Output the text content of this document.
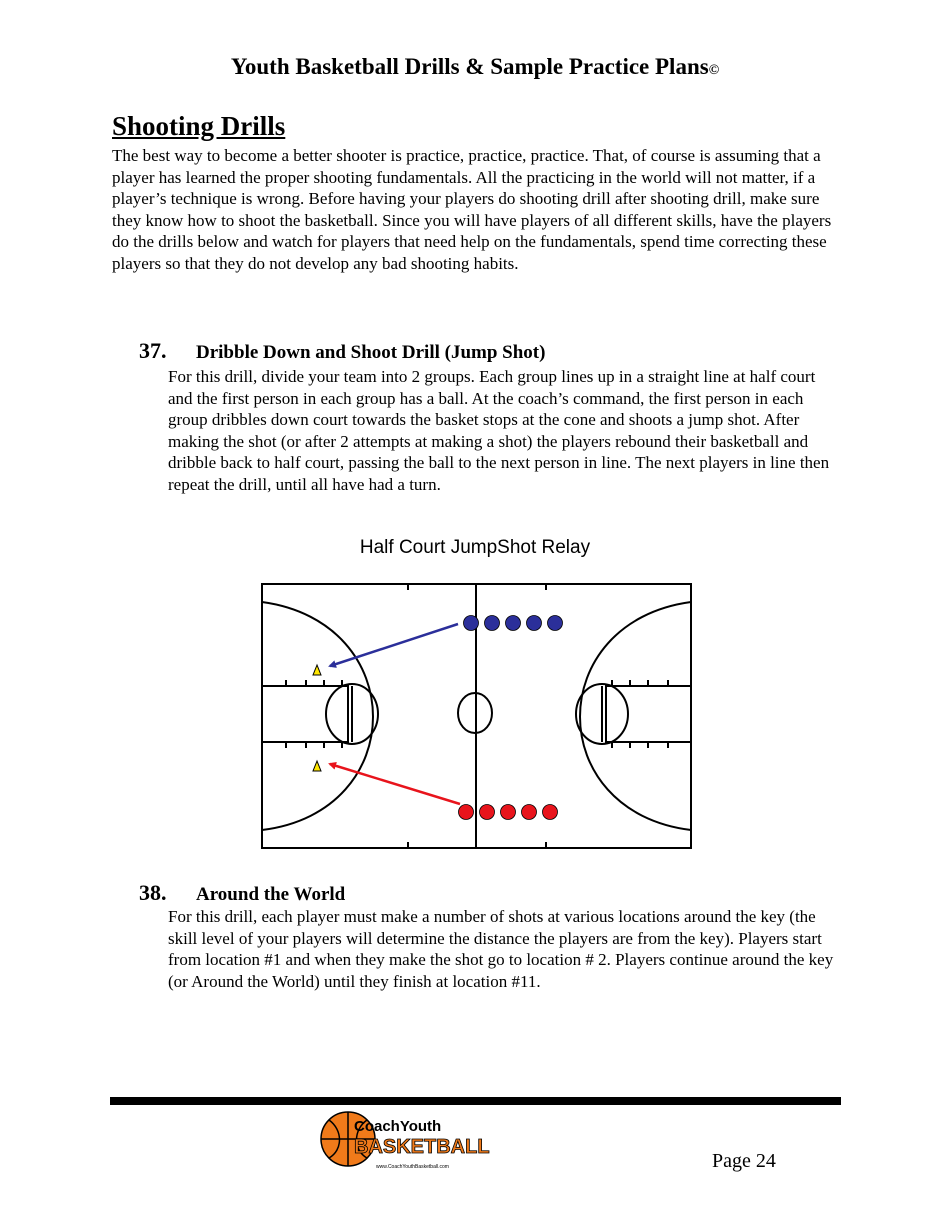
Youth Basketball Drills & Sample Practice Plans©
Shooting Drills

The best way to become a better shooter is practice, practice, practice. That, of course is assuming that a player has learned the proper shooting fundamentals. All the practicing in the world will not matter, if a player’s technique is wrong. Before having your players do shooting drill after shooting drill, make sure they know how to shoot the basketball. Since you will have players of all different skills, have the players do the drills below and watch for players that need help on the fundamentals, spend time correcting these players so that they do not develop any bad shooting habits.

37. Dribble Down and Shoot Drill (Jump Shot)

For this drill, divide your team into 2 groups. Each group lines up in a straight line at half court and the first person in each group has a ball. At the coach’s command, the first person in each group dribbles down court towards the basket stops at the cone and shoots a jump shot. After making the shot (or after 2 attempts at making a shot) the players rebound their basketball and dribble back to half court, passing the ball to the next person in line. The next players in line then repeat the drill, until all have had a turn.

Half Court JumpShot Relay
38. Around the World

For this drill, each player must make a number of shots at various locations around the key (the skill level of your players will determine the distance the players are from the key). Players start from location #1 and when they make the shot go to location # 2. Players continue around the key (or Around the World) until they finish at location #11.

CoachYouth
BASKETBALL
www.CoachYouthBasketball.com	Page 24
